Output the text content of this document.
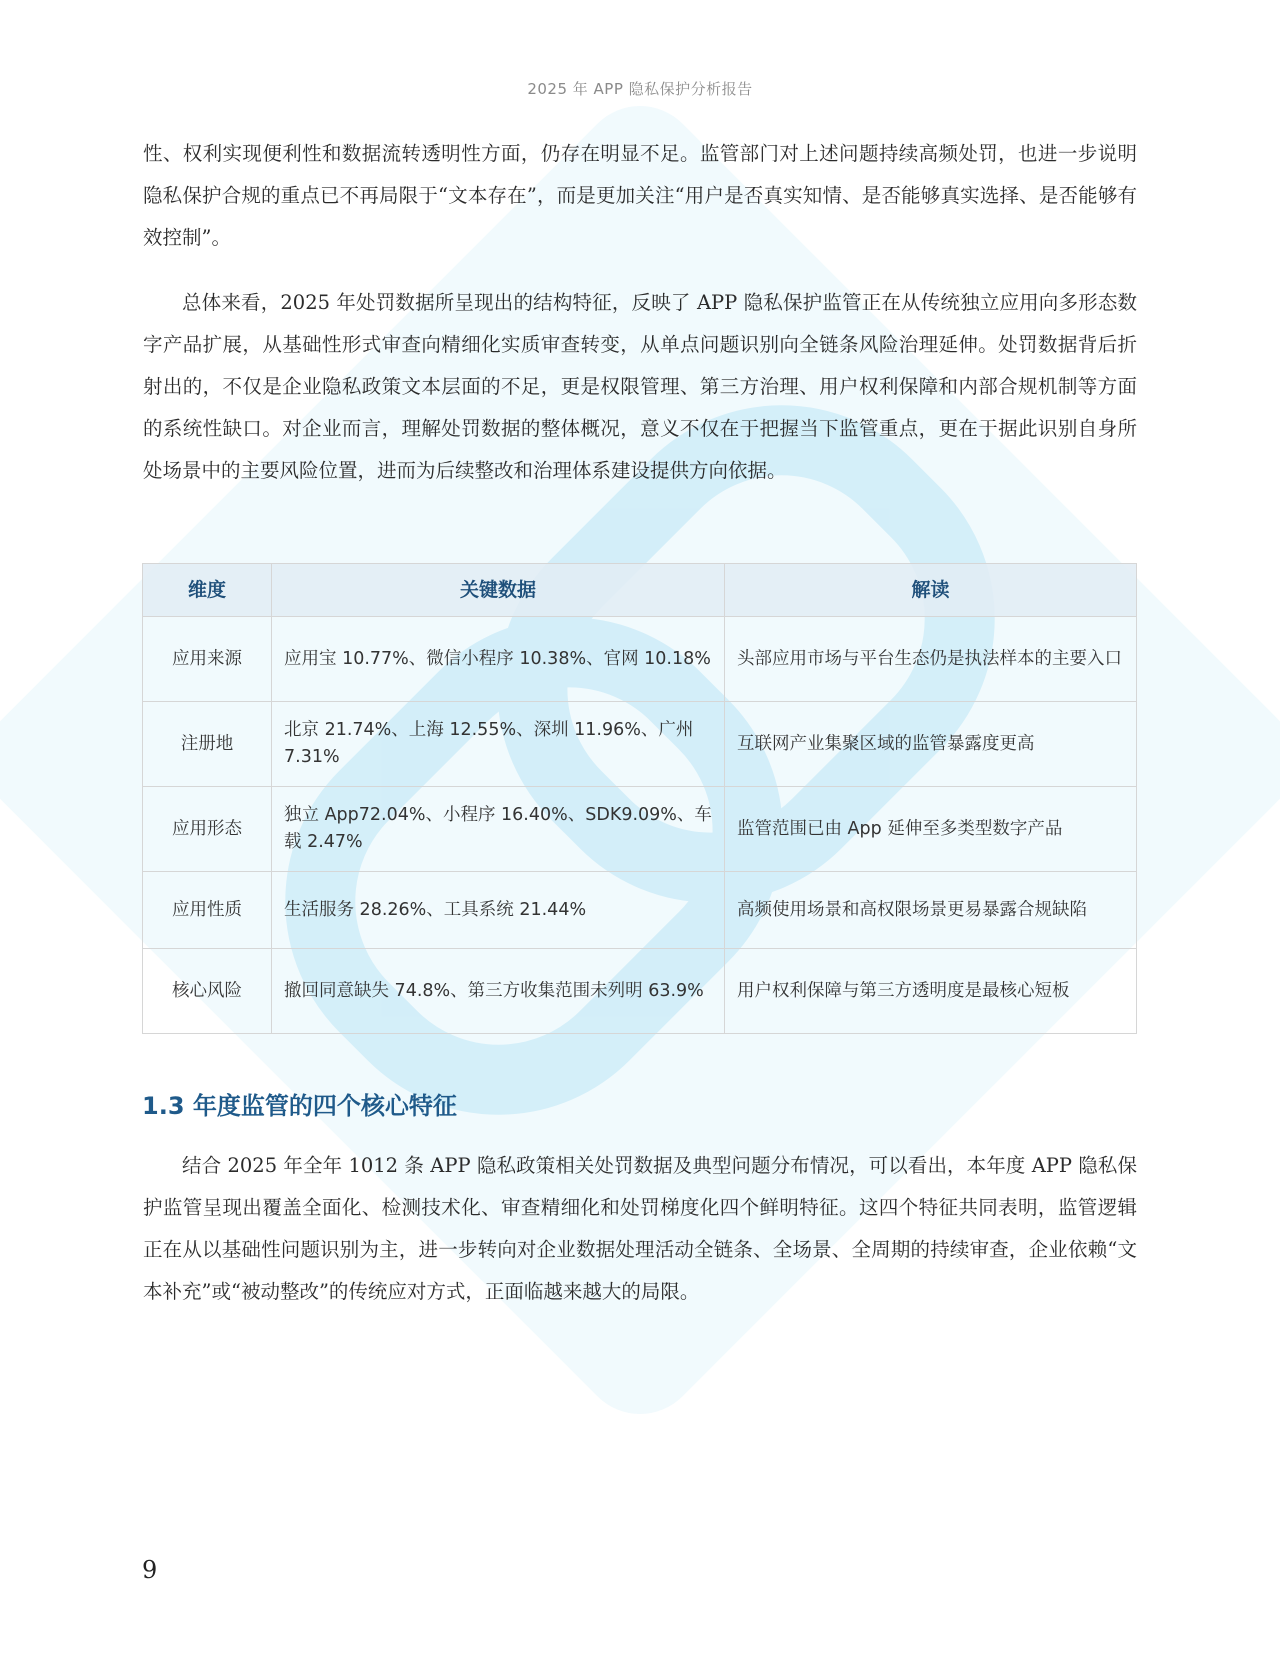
2025 年 APP 隐私保护分析报告

性、权利实现便利性和数据流转透明性方面，仍存在明显不足。监管部门对上述问题持续高频处罚，也进一步说明隐私保护合规的重点已不再局限于“文本存在”，而是更加关注“用户是否真实知情、是否能够真实选择、是否能够有效控制”。

总体来看，2025 年处罚数据所呈现出的结构特征，反映了 APP 隐私保护监管正在从传统独立应用向多形态数字产品扩展，从基础性形式审查向精细化实质审查转变，从单点问题识别向全链条风险治理延伸。处罚数据背后折射出的，不仅是企业隐私政策文本层面的不足，更是权限管理、第三方治理、用户权利保障和内部合规机制等方面的系统性缺口。对企业而言，理解处罚数据的整体概况，意义不仅在于把握当下监管重点，更在于据此识别自身所处场景中的主要风险位置，进而为后续整改和治理体系建设提供方向依据。

维度	关键数据	解读
应用来源	应用宝 10.77%、微信小程序 10.38%、官网 10.18%	头部应用市场与平台生态仍是执法样本的主要入口
注册地	北京 21.74%、上海 12.55%、深圳 11.96%、广州 7.31%	互联网产业集聚区域的监管暴露度更高
应用形态	独立 App72.04%、小程序 16.40%、SDK9.09%、车载 2.47%	监管范围已由 App 延伸至多类型数字产品
应用性质	生活服务 28.26%、工具系统 21.44%	高频使用场景和高权限场景更易暴露合规缺陷
核心风险	撤回同意缺失 74.8%、第三方收集范围未列明 63.9%	用户权利保障与第三方透明度是最核心短板
1.3 年度监管的四个核心特征

结合 2025 年全年 1012 条 APP 隐私政策相关处罚数据及典型问题分布情况，可以看出，本年度 APP 隐私保护监管呈现出覆盖全面化、检测技术化、审查精细化和处罚梯度化四个鲜明特征。这四个特征共同表明，监管逻辑正在从以基础性问题识别为主，进一步转向对企业数据处理活动全链条、全场景、全周期的持续审查，企业依赖“文本补充”或“被动整改”的传统应对方式，正面临越来越大的局限。

9
